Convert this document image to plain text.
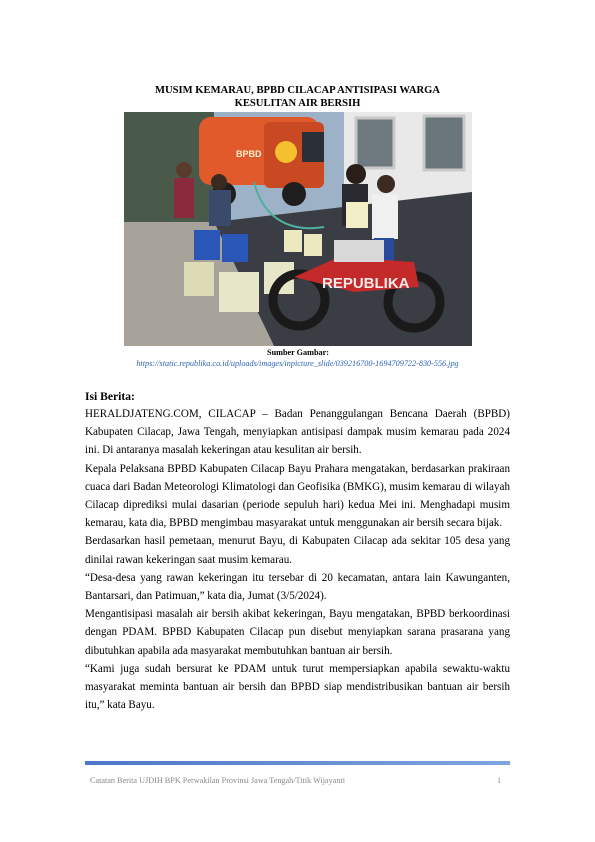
MUSIM KEMARAU, BPBD CILACAP ANTISIPASI WARGA
KESULITAN AIR BERSIH
BPBD
REPUBLIKA
Sumber Gambar:
https://static.republika.co.id/uploads/images/inpicture_slide/039216700-1694709722-830-556.jpg
Isi Berita:

HERALDJATENG.COM, CILACAP – Badan Penanggulangan Bencana Daerah (BPBD) Kabupaten Cilacap, Jawa Tengah, menyiapkan antisipasi dampak musim kemarau pada 2024 ini. Di antaranya masalah kekeringan atau kesulitan air bersih.

Kepala Pelaksana BPBD Kabupaten Cilacap Bayu Prahara mengatakan, berdasarkan prakiraan cuaca dari Badan Meteorologi Klimatologi dan Geofisika (BMKG), musim kemarau di wilayah Cilacap diprediksi mulai dasarian (periode sepuluh hari) kedua Mei ini. Menghadapi musim kemarau, kata dia, BPBD mengimbau masyarakat untuk menggunakan air bersih secara bijak.

Berdasarkan hasil pemetaan, menurut Bayu, di Kabupaten Cilacap ada sekitar 105 desa yang dinilai rawan kekeringan saat musim kemarau.

“Desa-desa yang rawan kekeringan itu tersebar di 20 kecamatan, antara lain Kawunganten, Bantarsari, dan Patimuan,” kata dia, Jumat (3/5/2024).

Mengantisipasi masalah air bersih akibat kekeringan, Bayu mengatakan, BPBD berkoordinasi dengan PDAM. BPBD Kabupaten Cilacap pun disebut menyiapkan sarana prasarana yang dibutuhkan apabila ada masyarakat membutuhkan bantuan air bersih.

“Kami juga sudah bersurat ke PDAM untuk turut mempersiapkan apabila sewaktu-waktu masyarakat meminta bantuan air bersih dan BPBD siap mendistribusikan bantuan air bersih itu,” kata Bayu.

Catatan Berita UJDIH BPK Perwakilan Provinsi Jawa Tengah/Titik Wijayanti	1
